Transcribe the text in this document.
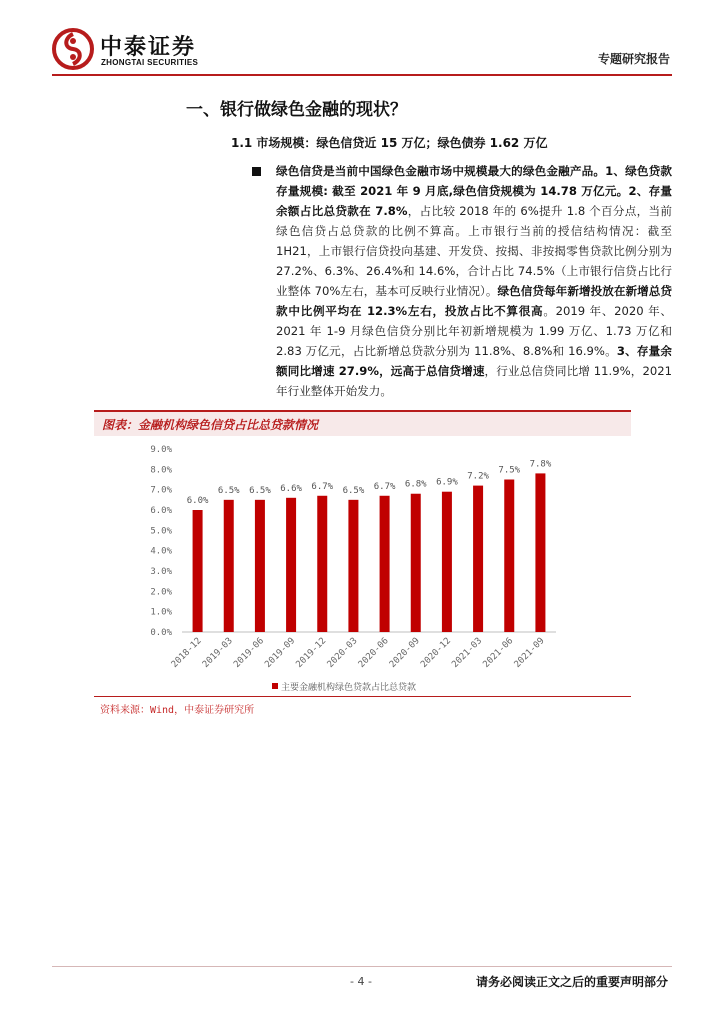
中泰证券
ZHONGTAI SECURITIES	专题研究报告
一、银行做绿色金融的现状？
1.1 市场规模：绿色信贷近 15 万亿；绿色债券 1.62 万亿
绿色信贷是当前中国绿色金融市场中规模最大的绿色金融产品。1、绿色贷款存量规模: 截至 2021 年 9 月底,绿色信贷规模为 14.78 万亿元。2、存量余额占比总贷款在 7.8%，占比较 2018 年的 6%提升 1.8 个百分点，当前绿色信贷占总贷款的比例不算高。上市银行当前的授信结构情况：截至 1H21，上市银行信贷投向基建、开发贷、按揭、非按揭零售贷款比例分别为 27.2%、6.3%、26.4%和 14.6%，合计占比 74.5%（上市银行信贷占比行业整体 70%左右，基本可反映行业情况）。绿色信贷每年新增投放在新增总贷款中比例平均在 12.3%左右，投放占比不算很高。2019 年、2020 年、2021 年 1-9 月绿色信贷分别比年初新增规模为 1.99 万亿、1.73 万亿和 2.83 万亿元，占比新增总贷款分别为 11.8%、8.8%和 16.9%。3、存量余额同比增速 27.9%，远高于总信贷增速，行业总信贷同比增 11.9%，2021 年行业整体开始发力。
图表：金融机构绿色信贷占比总贷款情况
0.0%
1.0%
2.0%
3.0%
4.0%
5.0%
6.0%
7.0%
8.0%
9.0%
6.0%
2018-12
6.5%
2019-03
6.5%
2019-06
6.6%
2019-09
6.7%
2019-12
6.5%
2020-03
6.7%
2020-06
6.8%
2020-09
6.9%
2020-12
7.2%
2021-03
7.5%
2021-06
7.8%
2021-09
主要金融机构绿色贷款占比总贷款
资料来源：Wind，中泰证券研究所
- 4 -	请务必阅读正文之后的重要声明部分
